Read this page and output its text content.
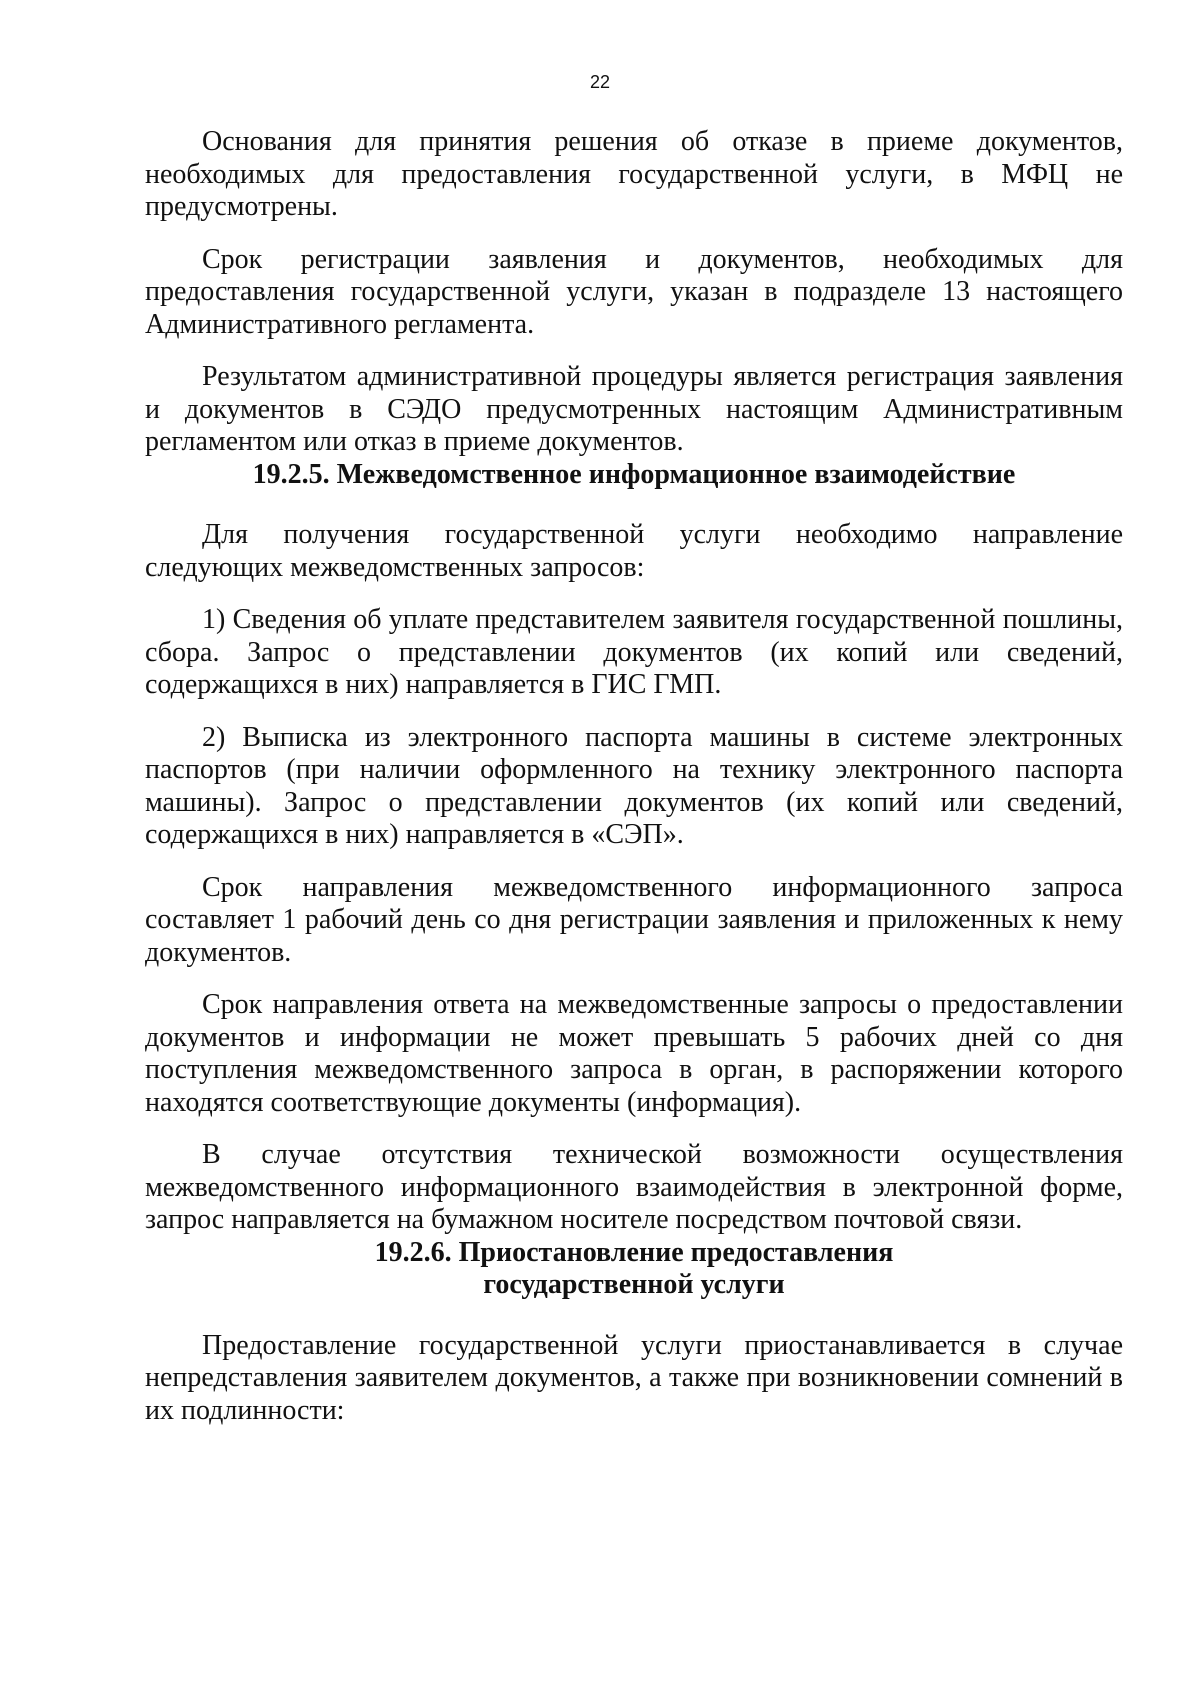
22

Основания для принятия решения об отказе в приеме документов, необходимых для предоставления государственной услуги, в МФЦ не предусмотрены.

Срок регистрации заявления и документов, необходимых для предоставления государственной услуги, указан в подразделе 13 настоящего Административного регламента.

Результатом административной процедуры является регистрация заявления и документов в СЭДО предусмотренных настоящим Административным регламентом или отказ в приеме документов.

19.2.5. Межведомственное информационное взаимодействие

Для получения государственной услуги необходимо направление следующих межведомственных запросов:

1) Сведения об уплате представителем заявителя государственной пошлины, сбора. Запрос о представлении документов (их копий или сведений, содержащихся в них) направляется в ГИС ГМП.

2) Выписка из электронного паспорта машины в системе электронных паспортов (при наличии оформленного на технику электронного паспорта машины). Запрос о представлении документов (их копий или сведений, содержащихся в них) направляется в «СЭП».

Срок направления межведомственного информационного запроса составляет 1 рабочий день со дня регистрации заявления и приложенных к нему документов.

Срок направления ответа на межведомственные запросы о предоставлении документов и информации не может превышать 5 рабочих дней со дня поступления межведомственного запроса в орган, в распоряжении которого находятся соответствующие документы (информация).

В случае отсутствия технической возможности осуществления межведомственного информационного взаимодействия в электронной форме, запрос направляется на бумажном носителе посредством почтовой связи.

19.2.6. Приостановление предоставления
государственной услуги

Предоставление государственной услуги приостанавливается в случае непредставления заявителем документов, а также при возникновении сомнений в их подлинности:
